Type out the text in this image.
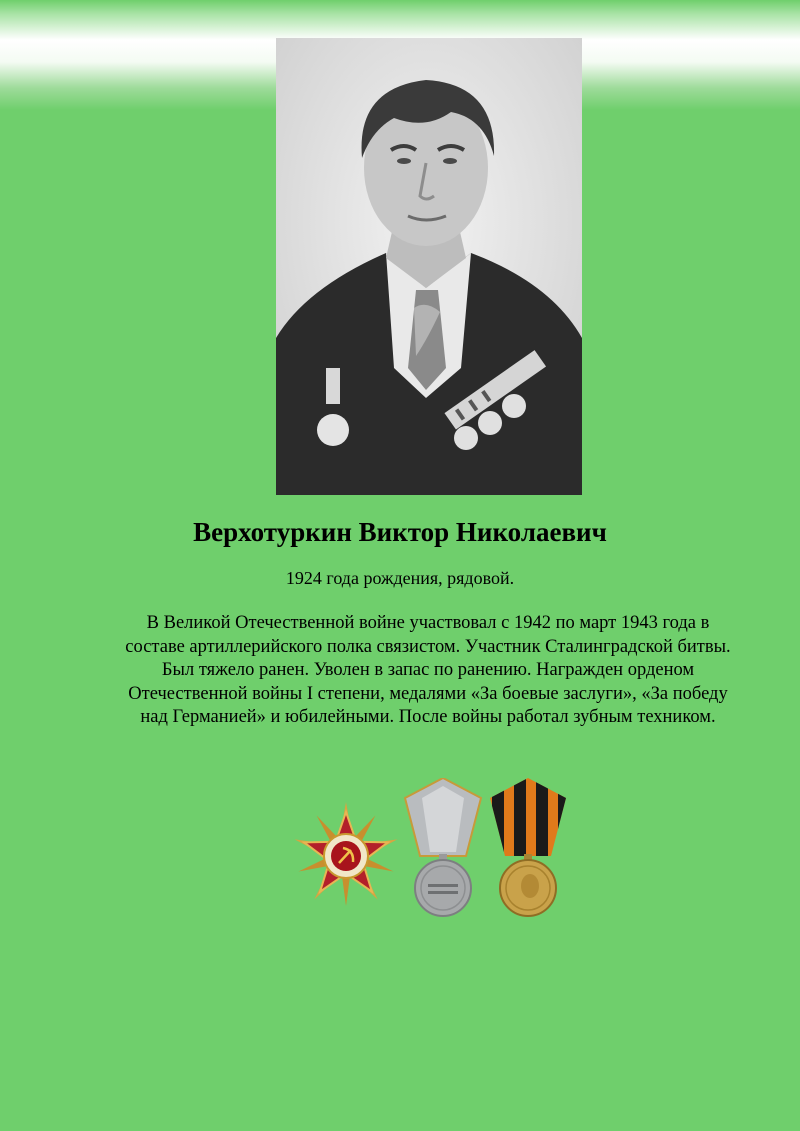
Верхотуркин Виктор Николаевич
1924 года рождения, рядовой.

В Великой Отечественной войне участвовал с 1942 по март 1943 года в составе артиллерийского полка связистом. Участник Сталинградской битвы. Был тяжело ранен. Уволен в запас по ранению. Награжден орденом Отечественной войны I степени, медалями «За боевые заслуги», «За победу над Германией» и юбилейными. После войны работал зубным техником.
